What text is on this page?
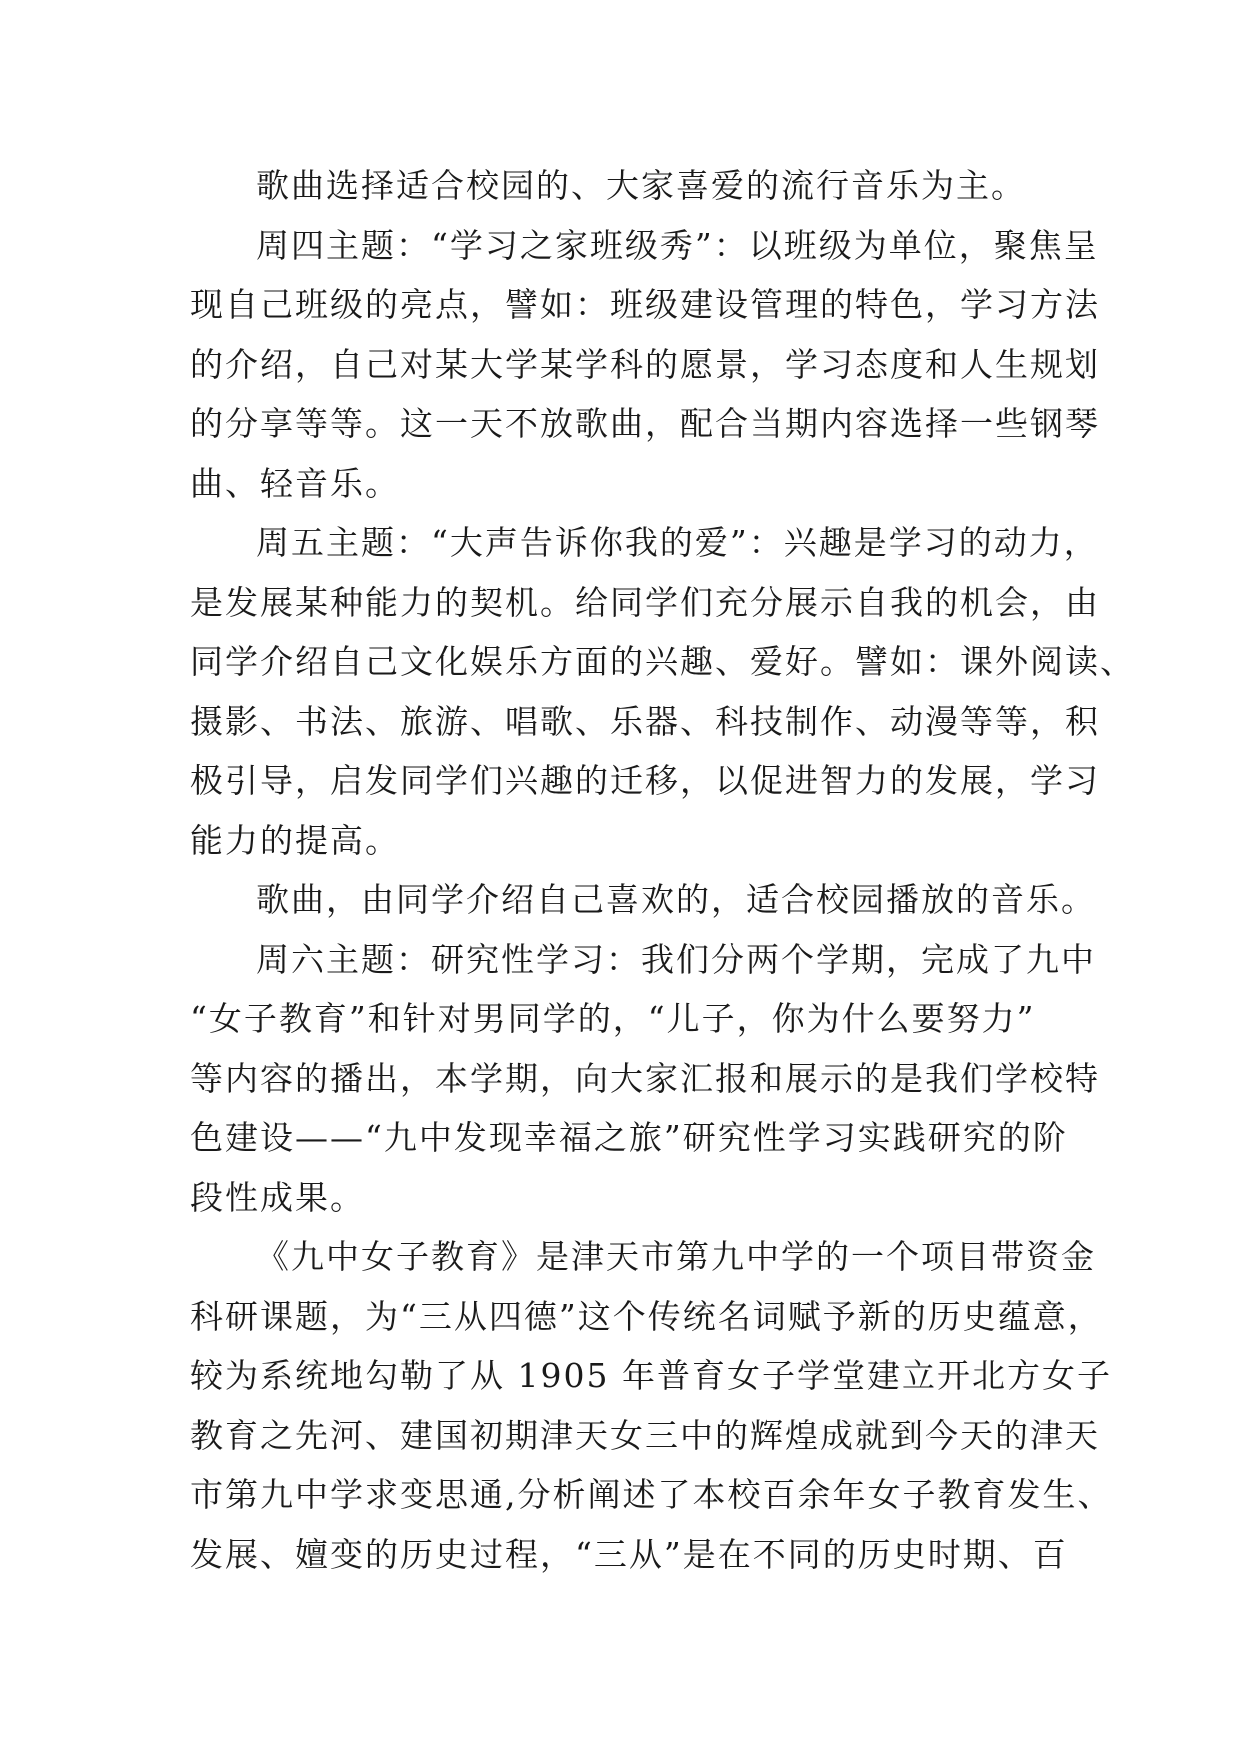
歌曲选择适合校园的、大家喜爱的流行音乐为主。
周四主题：“学习之家班级秀”：以班级为单位，聚焦呈
现自己班级的亮点，譬如：班级建设管理的特色，学习方法
的介绍，自己对某大学某学科的愿景，学习态度和人生规划
的分享等等。这一天不放歌曲，配合当期内容选择一些钢琴
曲、轻音乐。
周五主题：“大声告诉你我的爱”：兴趣是学习的动力，
是发展某种能力的契机。给同学们充分展示自我的机会，由
同学介绍自己文化娱乐方面的兴趣、爱好。譬如：课外阅读、
摄影、书法、旅游、唱歌、乐器、科技制作、动漫等等，积
极引导，启发同学们兴趣的迁移，以促进智力的发展，学习
能力的提高。
歌曲，由同学介绍自己喜欢的，适合校园播放的音乐。
周六主题：研究性学习：我们分两个学期，完成了九中
“女子教育”和针对男同学的，“儿子，你为什么要努力”
等内容的播出，本学期，向大家汇报和展示的是我们学校特
色建设——“九中发现幸福之旅”研究性学习实践研究的阶
段性成果。
《九中女子教育》是津天市第九中学的一个项目带资金
科研课题，为“三从四德”这个传统名词赋予新的历史蕴意，
较为系统地勾勒了从 1905 年普育女子学堂建立开北方女子
教育之先河、建国初期津天女三中的辉煌成就到今天的津天
市第九中学求变思通,分析阐述了本校百余年女子教育发生、
发展、嬗变的历史过程，“三从”是在不同的历史时期、百
